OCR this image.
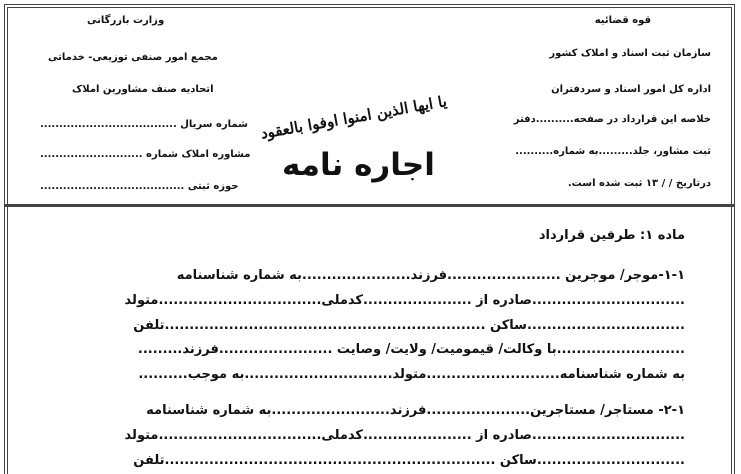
قوه قضائیه
سازمان ثبت اسناد و املاک کشور
اداره کل امور اسناد و سردفتران
خلاصه این قرارداد در صفحه..........دفتر
ثبت مشاور، جلد.........به شماره..........
درتاریخ / / ۱۳ ثبت شده است.
وزارت بازرگانی
مجمع امور صنفی توزیعی- خدماتی
اتحادیه صنف مشاورین املاک
شماره سریال ....................................
مشاوره املاک شماره ...........................
حوزه ثبتی ......................................
یا ایها الذین امنوا اوفوا بالعقود
اجاره نامه
ماده ۱: طرفین قرارداد
۱-۱-موجر/ موجرین .......................فرزند......................به شماره شناسنامه
...............................صادره از ......................کدملی.................................متولد
................................ساکن .................................................................تلفن
..........................با وکالت/ قیمومیت/ ولایت/ وصایت .......................فرزند.........
به شماره شناسنامه...........................متولد..............................به موجب..........
۲-۱- مستاجر/ مستاجرین.....................فرزند........................به شماره شناسنامه
...............................صادره از ......................کدملی.................................متولد
..............................ساکن ...................................................................تلفن
